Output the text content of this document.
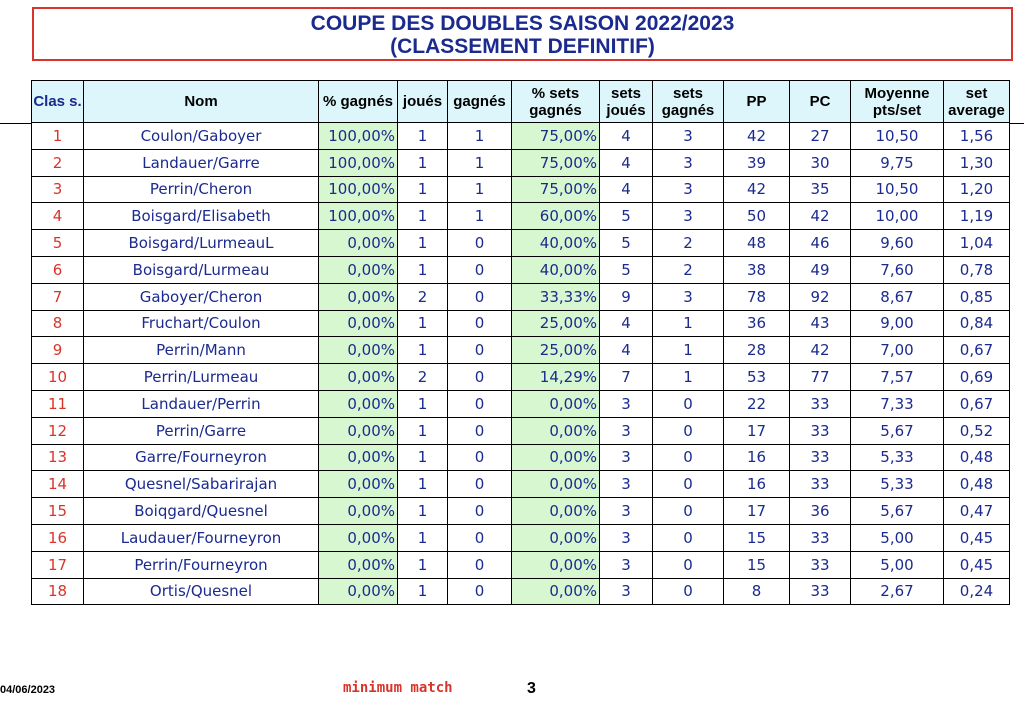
COUPE DES DOUBLES SAISON 2022/2023
(CLASSEMENT DEFINITIF)
Clas s.	Nom	% gagnés	joués	gagnés	% sets gagnés	sets joués	sets gagnés	PP	PC	Moyenne pts/set	set average
1	Coulon/Gaboyer	100,00%	1	1	75,00%	4	3	42	27	10,50	1,56
2	Landauer/Garre	100,00%	1	1	75,00%	4	3	39	30	9,75	1,30
3	Perrin/Cheron	100,00%	1	1	75,00%	4	3	42	35	10,50	1,20
4	Boisgard/Elisabeth	100,00%	1	1	60,00%	5	3	50	42	10,00	1,19
5	Boisgard/LurmeauL	0,00%	1	0	40,00%	5	2	48	46	9,60	1,04
6	Boisgard/Lurmeau	0,00%	1	0	40,00%	5	2	38	49	7,60	0,78
7	Gaboyer/Cheron	0,00%	2	0	33,33%	9	3	78	92	8,67	0,85
8	Fruchart/Coulon	0,00%	1	0	25,00%	4	1	36	43	9,00	0,84
9	Perrin/Mann	0,00%	1	0	25,00%	4	1	28	42	7,00	0,67
10	Perrin/Lurmeau	0,00%	2	0	14,29%	7	1	53	77	7,57	0,69
11	Landauer/Perrin	0,00%	1	0	0,00%	3	0	22	33	7,33	0,67
12	Perrin/Garre	0,00%	1	0	0,00%	3	0	17	33	5,67	0,52
13	Garre/Fourneyron	0,00%	1	0	0,00%	3	0	16	33	5,33	0,48
14	Quesnel/Sabarirajan	0,00%	1	0	0,00%	3	0	16	33	5,33	0,48
15	Boiqgard/Quesnel	0,00%	1	0	0,00%	3	0	17	36	5,67	0,47
16	Laudauer/Fourneyron	0,00%	1	0	0,00%	3	0	15	33	5,00	0,45
17	Perrin/Fourneyron	0,00%	1	0	0,00%	3	0	15	33	5,00	0,45
18	Ortis/Quesnel	0,00%	1	0	0,00%	3	0	8	33	2,67	0,24
04/06/2023	minimum match	3
